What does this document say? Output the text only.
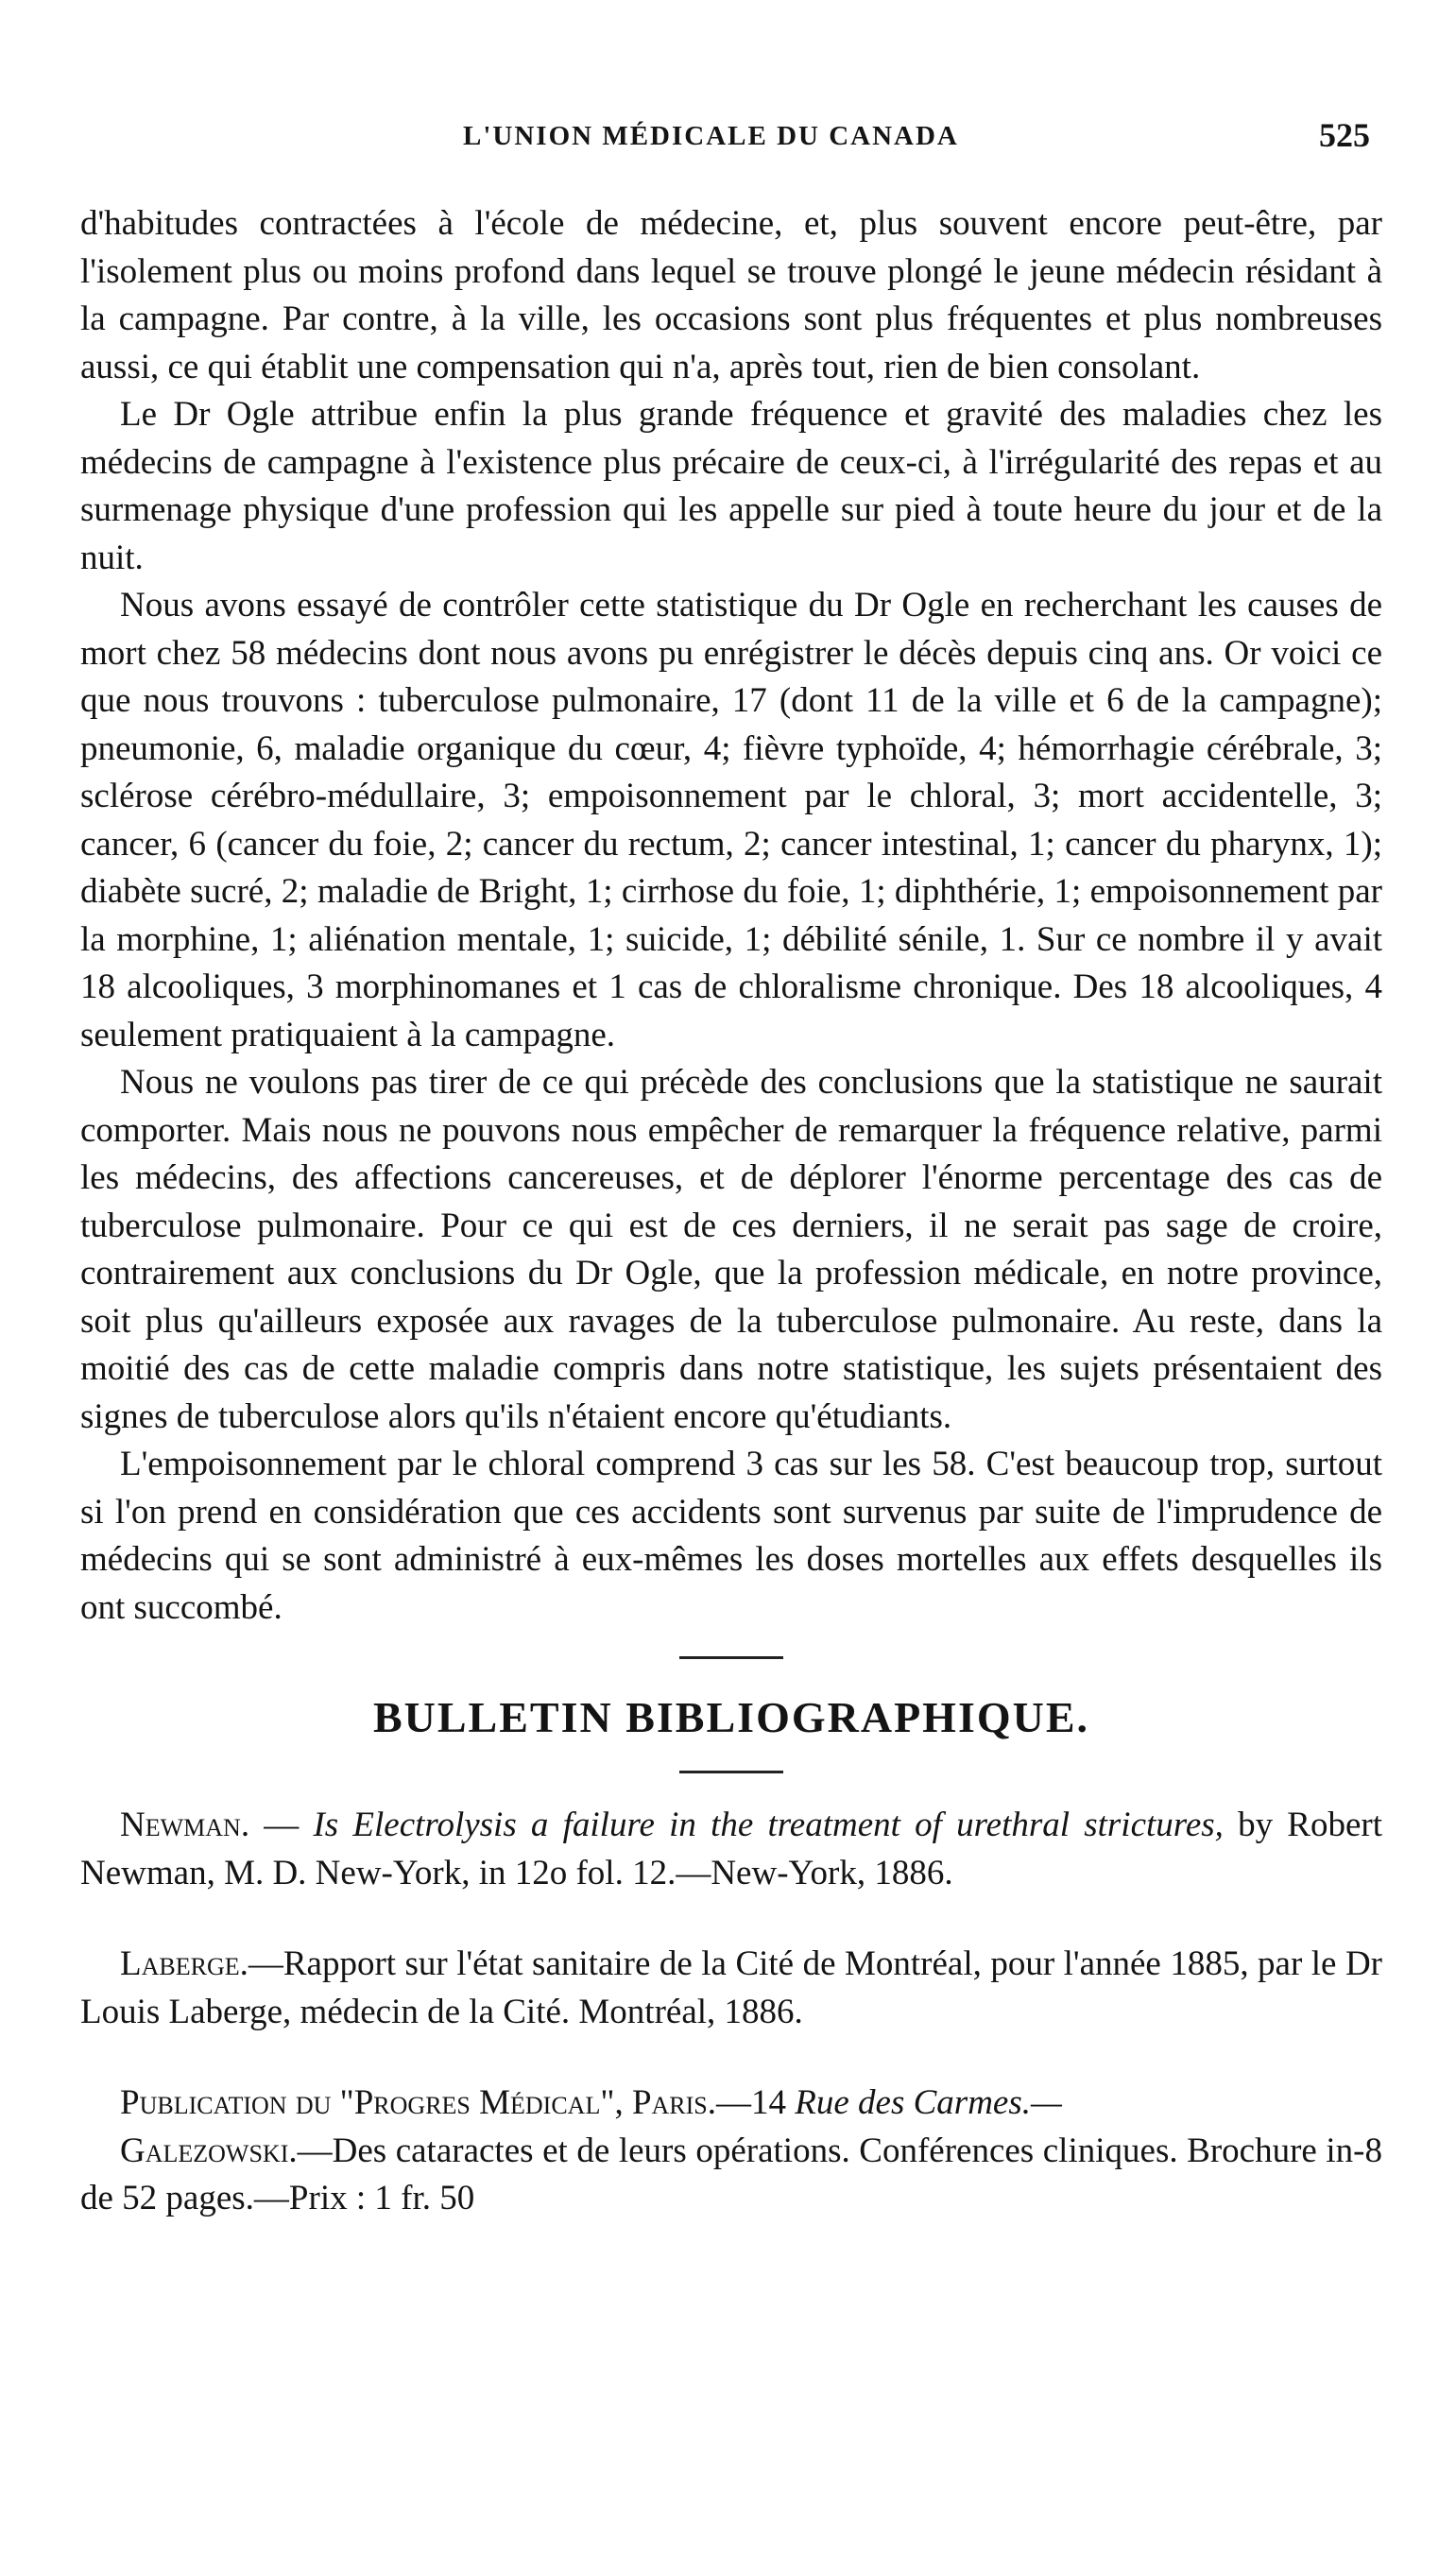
L'UNION MÉDICALE DU CANADA	525

d'habitudes contractées à l'école de médecine, et, plus souvent encore peut-être, par l'isolement plus ou moins profond dans lequel se trouve plongé le jeune médecin résidant à la campagne. Par contre, à la ville, les occasions sont plus fréquentes et plus nombreuses aussi, ce qui établit une compensation qui n'a, après tout, rien de bien consolant.

Le Dr Ogle attribue enfin la plus grande fréquence et gravité des maladies chez les médecins de campagne à l'existence plus précaire de ceux-ci, à l'irrégularité des repas et au surmenage physique d'une profession qui les appelle sur pied à toute heure du jour et de la nuit.

Nous avons essayé de contrôler cette statistique du Dr Ogle en recherchant les causes de mort chez 58 médecins dont nous avons pu enrégistrer le décès depuis cinq ans. Or voici ce que nous trouvons : tuberculose pulmonaire, 17 (dont 11 de la ville et 6 de la campagne); pneumonie, 6, maladie organique du cœur, 4; fièvre typhoïde, 4; hémorrhagie cérébrale, 3; sclérose cérébro-médullaire, 3; empoisonnement par le chloral, 3; mort accidentelle, 3; cancer, 6 (cancer du foie, 2; cancer du rectum, 2; cancer intestinal, 1; cancer du pharynx, 1); diabète sucré, 2; maladie de Bright, 1; cirrhose du foie, 1; diphthérie, 1; empoisonnement par la morphine, 1; aliénation mentale, 1; suicide, 1; débilité sénile, 1. Sur ce nombre il y avait 18 alcooliques, 3 morphinomanes et 1 cas de chloralisme chronique. Des 18 alcooliques, 4 seulement pratiquaient à la campagne.

Nous ne voulons pas tirer de ce qui précède des conclusions que la statistique ne saurait comporter. Mais nous ne pouvons nous empêcher de remarquer la fréquence relative, parmi les médecins, des affections cancereuses, et de déplorer l'énorme percentage des cas de tuberculose pulmonaire. Pour ce qui est de ces derniers, il ne serait pas sage de croire, contrairement aux conclusions du Dr Ogle, que la profession médicale, en notre province, soit plus qu'ailleurs exposée aux ravages de la tuberculose pulmonaire. Au reste, dans la moitié des cas de cette maladie compris dans notre statistique, les sujets présentaient des signes de tuberculose alors qu'ils n'étaient encore qu'étudiants.

L'empoisonnement par le chloral comprend 3 cas sur les 58. C'est beaucoup trop, surtout si l'on prend en considération que ces accidents sont survenus par suite de l'imprudence de médecins qui se sont administré à eux-mêmes les doses mortelles aux effets desquelles ils ont succombé.

BULLETIN BIBLIOGRAPHIQUE.

Newman. — Is Electrolysis a failure in the treatment of urethral strictures, by Robert Newman, M. D. New-York, in 12o fol. 12.—New-York, 1886.

Laberge.—Rapport sur l'état sanitaire de la Cité de Montréal, pour l'année 1885, par le Dr Louis Laberge, médecin de la Cité. Montréal, 1886.

Publication du "Progres Médical", Paris.—14 Rue des Carmes.—

Galezowski.—Des cataractes et de leurs opérations. Conférences cliniques. Brochure in-8 de 52 pages.—Prix : 1 fr. 50
